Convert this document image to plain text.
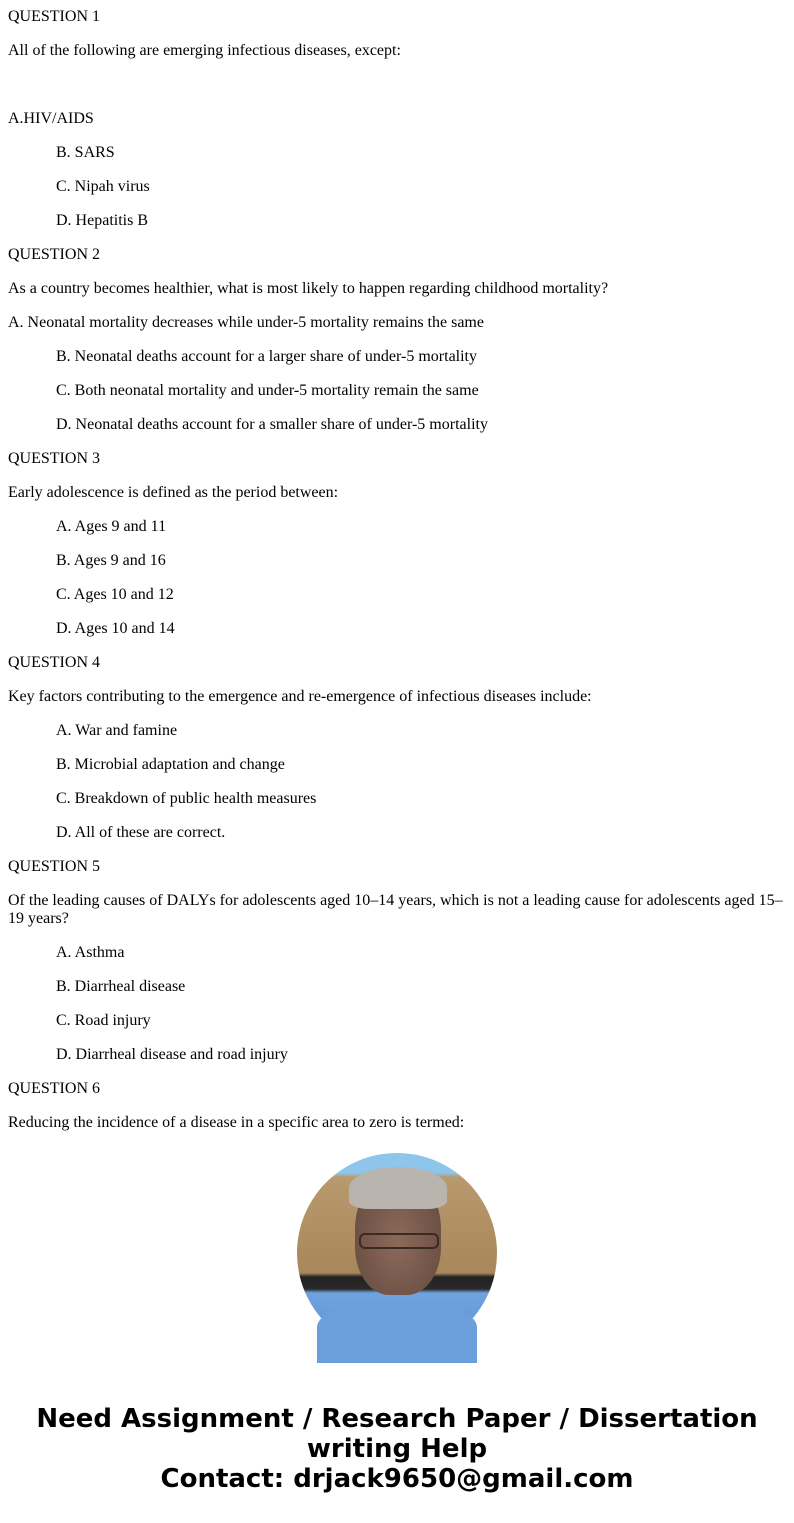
QUESTION 1

All of the following are emerging infectious diseases, except:

A.HIV/AIDS

B. SARS

C. Nipah virus

D. Hepatitis B

QUESTION 2

As a country becomes healthier, what is most likely to happen regarding childhood mortality?

A. Neonatal mortality decreases while under-5 mortality remains the same

B. Neonatal deaths account for a larger share of under-5 mortality

C. Both neonatal mortality and under-5 mortality remain the same

D. Neonatal deaths account for a smaller share of under-5 mortality

QUESTION 3

Early adolescence is defined as the period between:

A. Ages 9 and 11

B. Ages 9 and 16

C. Ages 10 and 12

D. Ages 10 and 14

QUESTION 4

Key factors contributing to the emergence and re-emergence of infectious diseases include:

A. War and famine

B. Microbial adaptation and change

C. Breakdown of public health measures

D. All of these are correct.

QUESTION 5

Of the leading causes of DALYs for adolescents aged 10–14 years, which is not a leading cause for adolescents aged 15–19 years?

A. Asthma

B. Diarrheal disease

C. Road injury

D. Diarrheal disease and road injury

QUESTION 6

Reducing the incidence of a disease in a specific area to zero is termed:

Need Assignment / Research Paper / Dissertation writing Help
Contact: drjack9650@gmail.com
